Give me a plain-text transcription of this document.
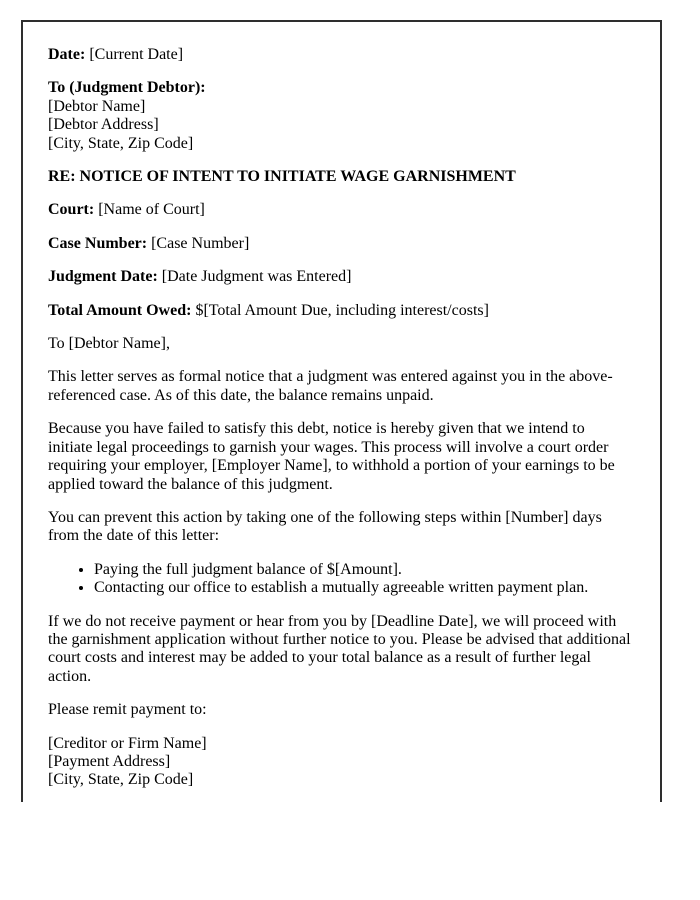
Date: [Current Date]
To (Judgment Debtor):
[Debtor Name]
[Debtor Address]
[City, State, Zip Code]
RE: NOTICE OF INTENT TO INITIATE WAGE GARNISHMENT
Court: [Name of Court]
Case Number: [Case Number]
Judgment Date: [Date Judgment was Entered]
Total Amount Owed: $[Total Amount Due, including interest/costs]
To [Debtor Name],
This letter serves as formal notice that a judgment was entered against you in the above-
referenced case. As of this date, the balance remains unpaid.
Because you have failed to satisfy this debt, notice is hereby given that we intend to
initiate legal proceedings to garnish your wages. This process will involve a court order
requiring your employer, [Employer Name], to withhold a portion of your earnings to be
applied toward the balance of this judgment.
You can prevent this action by taking one of the following steps within [Number] days
from the date of this letter:
• Paying the full judgment balance of $[Amount].
• Contacting our office to establish a mutually agreeable written payment plan.
If we do not receive payment or hear from you by [Deadline Date], we will proceed with
the garnishment application without further notice to you. Please be advised that additional
court costs and interest may be added to your total balance as a result of further legal
action.
Please remit payment to:
[Creditor or Firm Name]
[Payment Address]
[City, State, Zip Code]
